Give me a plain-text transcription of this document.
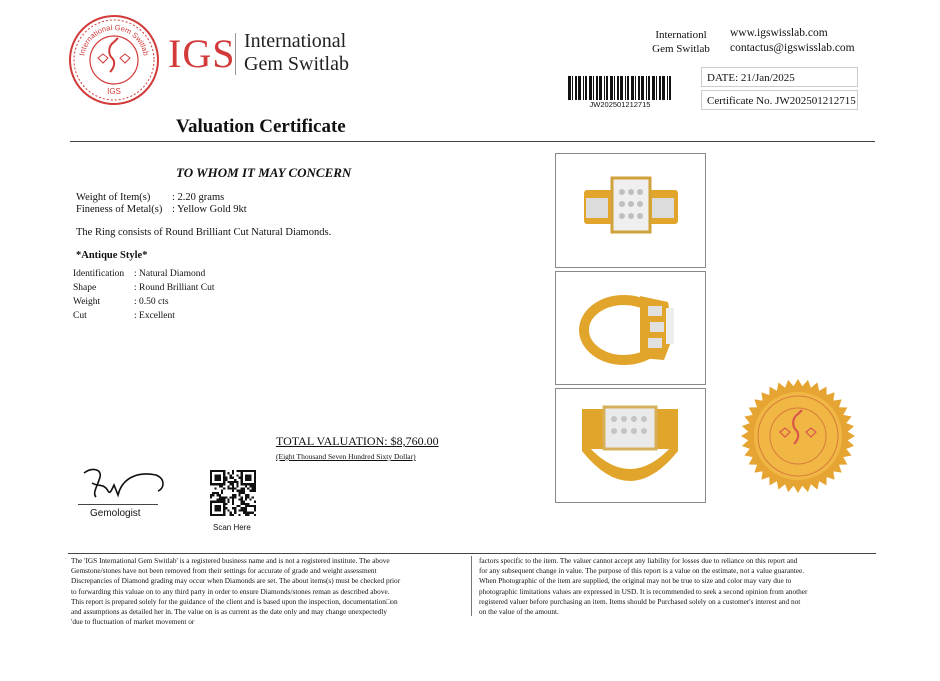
International Gem Switlab
IGS
IGS International
Gem Switlab
Internationl
Gem Switlab
www.igswisslab.com
contactus@igswisslab.com
JW202501212715
DATE: 21/Jan/2025
Certificate No. JW202501212715
Valuation Certificate
TO WHOM IT MAY CONCERN
Weight of Item(s) : 2.20 grams
Fineness of Metal(s) : Yellow Gold 9kt
The Ring consists of Round Brilliant Cut Natural Diamonds.
*Antique Style*
Identification : Natural Diamond
Shape	: Round Brilliant Cut
Weight	: 0.50 cts
Cut	: Excellent
TOTAL VALUATION: $8,760.00
(Eight Thousand Seven Hundred Sixty Dollar)
Gemologist
Scan Here
The 'IGS International Gem Switlab' is a registered business name and is not a registered institute. The above
Gemstone/stones have not been removed from their settings for accurate of grade and weight assessment
Discrepancies of Diamond grading may occur when Diamonds are set. The about items(s) must be checked prior
to forwarding this valuae on to any third party in order to ensure Diamonds/stones reman as described above.
This report is prepared solely for the guidance of the client and is based upon the inspection, documentation□on
and assumptions as detailed her in. The value on is as current as the date only and may change unexpectedly
'due to fluctuation of market movement or
factors specific to the item. The valuer cannot accept any liability for losses due to reliance on this report and
for any subsequent change in value. The purpose of this report is a value on the estimate, not a value guarantee.
When Photographic of the item are supplied, the original may not be true to size and color may vary due to
photographic limitations values are expressed in USD. It is recommended to seek a second opinion from another
registered valuer before purchasing an item. Items should be Purchased solely on a customer's interest and not
on the value of the amount.
